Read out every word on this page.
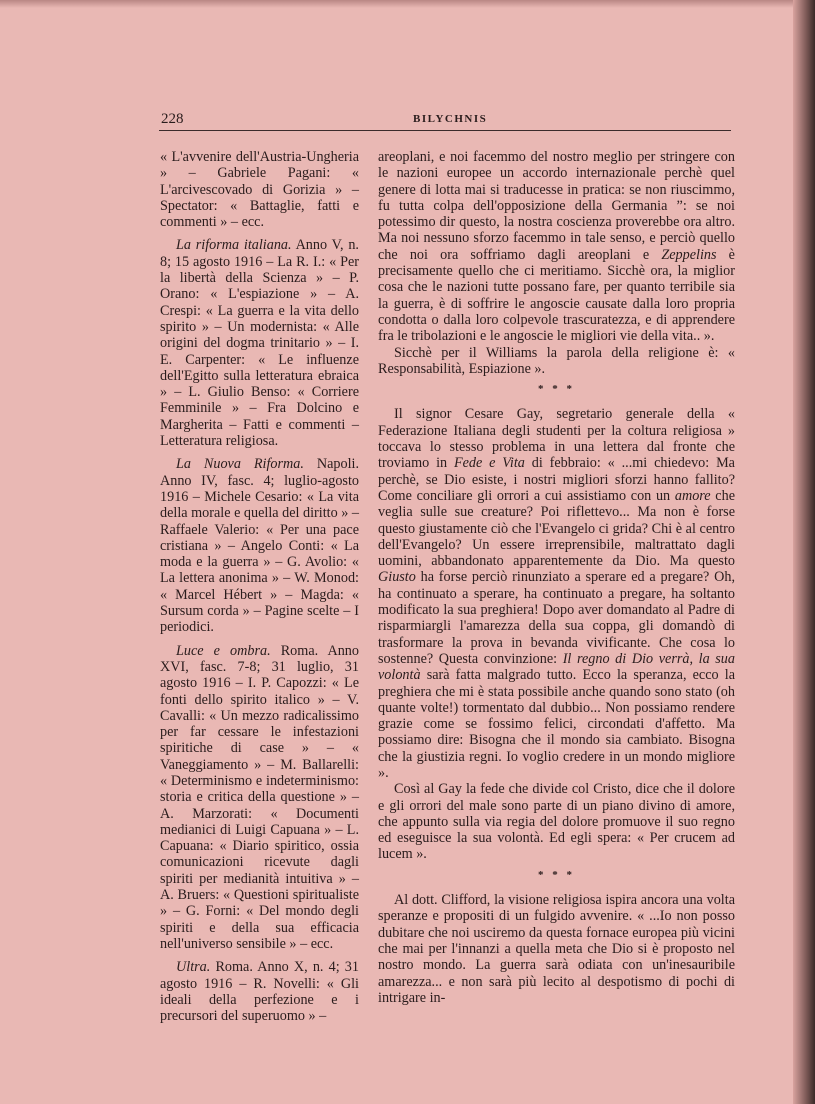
228	BILYCHNIS

« L'avvenire dell'Austria-Ungheria » – Gabriele Pagani: « L'arcivescovado di Gorizia » – Spectator: « Battaglie, fatti e commenti » – ecc.

La riforma italiana. Anno V, n. 8; 15 agosto 1916 – La R. I.: « Per la libertà della Scienza » – P. Orano: « L'espiazione » – A. Crespi: « La guerra e la vita dello spirito » – Un modernista: « Alle origini del dogma trinitario » – I. E. Carpenter: « Le influenze dell'Egitto sulla letteratura ebraica » – L. Giulio Benso: « Corriere Femminile » – Fra Dolcino e Margherita – Fatti e commenti – Letteratura religiosa.

La Nuova Riforma. Napoli. Anno IV, fasc. 4; luglio-agosto 1916 – Michele Cesario: « La vita della morale e quella del diritto » – Raffaele Valerio: « Per una pace cristiana » – Angelo Conti: « La moda e la guerra » – G. Avolio: « La lettera anonima » – W. Monod: « Marcel Hébert » – Magda: « Sursum corda » – Pagine scelte – I periodici.

Luce e ombra. Roma. Anno XVI, fasc. 7-8; 31 luglio, 31 agosto 1916 – I. P. Capozzi: « Le fonti dello spirito italico » – V. Cavalli: « Un mezzo radicalissimo per far cessare le infestazioni spiritiche di case » – « Vaneggiamento » – M. Ballarelli: « Determinismo e indeterminismo: storia e critica della questione » – A. Marzorati: « Documenti medianici di Luigi Capuana » – L. Capuana: « Diario spiritico, ossia comunicazioni ricevute dagli spiriti per medianità intuitiva » – A. Bruers: « Questioni spiritualiste » – G. Forni: « Del mondo degli spiriti e della sua efficacia nell'universo sensibile » – ecc.

Ultra. Roma. Anno X, n. 4; 31 agosto 1916 – R. Novelli: « Gli ideali della perfezione e i precursori del superuomo » –

areoplani, e noi facemmo del nostro meglio per stringere con le nazioni europee un accordo internazionale perchè quel genere di lotta mai si traducesse in pratica: se non riuscimmo, fu tutta colpa dell'opposizione della Germania ”: se noi potessimo dir questo, la nostra coscienza proverebbe ora altro. Ma noi nessuno sforzo facemmo in tale senso, e perciò quello che noi ora soffriamo dagli areoplani e Zeppelins è precisamente quello che ci meritiamo. Sicchè ora, la miglior cosa che le nazioni tutte possano fare, per quanto terribile sia la guerra, è di soffrire le angoscie causate dalla loro propria condotta o dalla loro colpevole trascuratezza, e di apprendere fra le tribolazioni e le angoscie le migliori vie della vita.. ».

Sicchè per il Williams la parola della religione è: « Responsabilità, Espiazione ».

* * *

Il signor Cesare Gay, segretario generale della « Federazione Italiana degli studenti per la coltura religiosa » toccava lo stesso problema in una lettera dal fronte che troviamo in Fede e Vita di febbraio: « ...mi chiedevo: Ma perchè, se Dio esiste, i nostri migliori sforzi hanno fallito? Come conciliare gli orrori a cui assistiamo con un amore che veglia sulle sue creature? Poi riflettevo... Ma non è forse questo giustamente ciò che l'Evangelo ci grida? Chi è al centro dell'Evangelo? Un essere irreprensibile, maltrattato dagli uomini, abbandonato apparentemente da Dio. Ma questo Giusto ha forse perciò rinunziato a sperare ed a pregare? Oh, ha continuato a sperare, ha continuato a pregare, ha soltanto modificato la sua preghiera! Dopo aver domandato al Padre di risparmiargli l'amarezza della sua coppa, gli domandò di trasformare la prova in bevanda vivificante. Che cosa lo sostenne? Questa convinzione: Il regno di Dio verrà, la sua volontà sarà fatta malgrado tutto. Ecco la speranza, ecco la preghiera che mi è stata possibile anche quando sono stato (oh quante volte!) tormentato dal dubbio... Non possiamo rendere grazie come se fossimo felici, circondati d'affetto. Ma possiamo dire: Bisogna che il mondo sia cambiato. Bisogna che la giustizia regni. Io voglio credere in un mondo migliore ».

Così al Gay la fede che divide col Cristo, dice che il dolore e gli orrori del male sono parte di un piano divino di amore, che appunto sulla via regia del dolore promuove il suo regno ed eseguisce la sua volontà. Ed egli spera: « Per crucem ad lucem ».

* * *

Al dott. Clifford, la visione religiosa ispira ancora una volta speranze e propositi di un fulgido avvenire. « ...Io non posso dubitare che noi usciremo da questa fornace europea più vicini che mai per l'innanzi a quella meta che Dio si è proposto nel nostro mondo. La guerra sarà odiata con un'inesauribile amarezza... e non sarà più lecito al despotismo di pochi di intrigare in-
